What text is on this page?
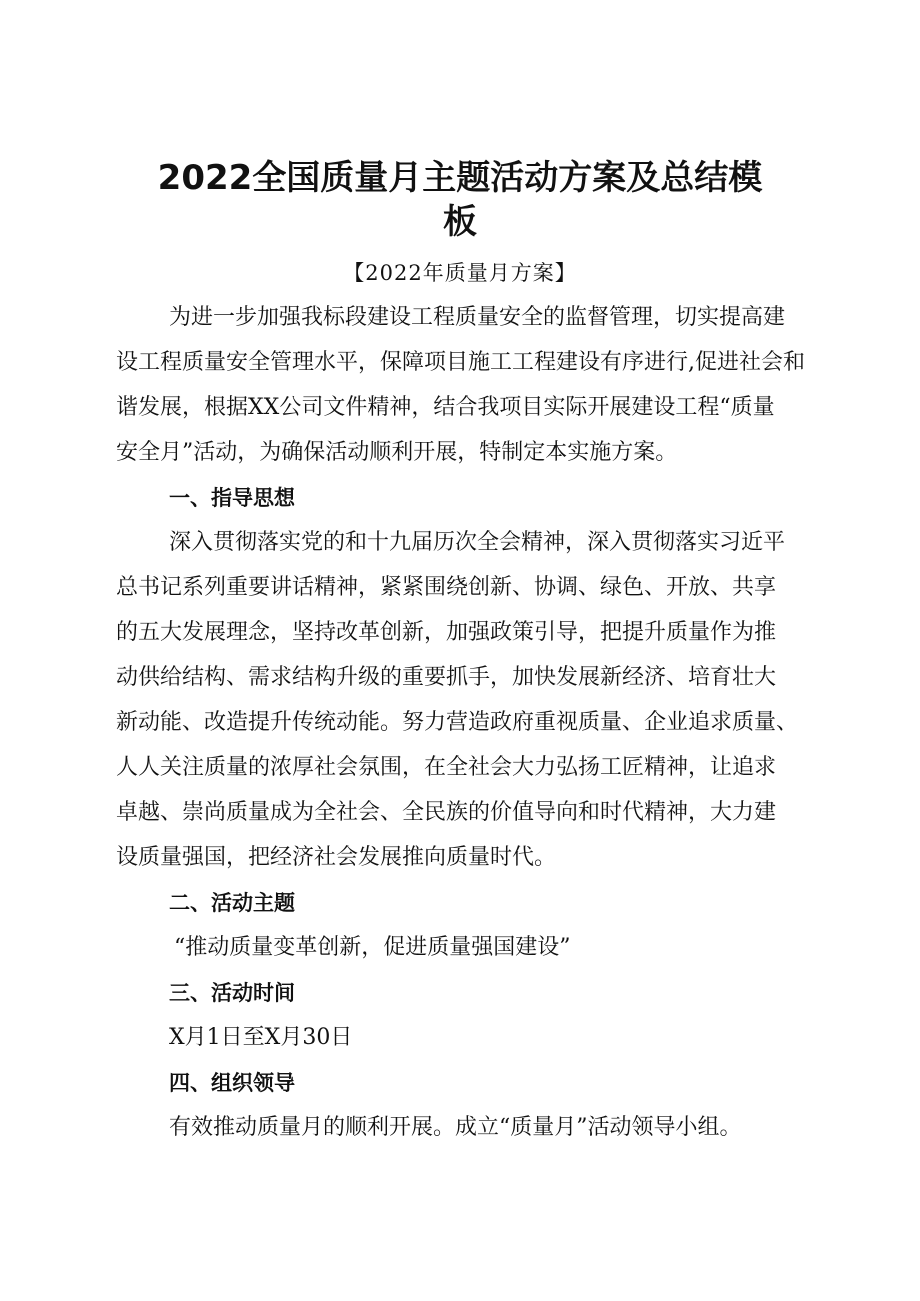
2022全国质量月主题活动方案及总结模
板
【2022年质量月方案】
为进一步加强我标段建设工程质量安全的监督管理，切实提高建
设工程质量安全管理水平，保障项目施工工程建设有序进行,促进社会和
谐发展，根据XX公司文件精神，结合我项目实际开展建设工程“质量
安全月”活动，为确保活动顺利开展，特制定本实施方案。
一、指导思想
深入贯彻落实党的和十九届历次全会精神，深入贯彻落实习近平
总书记系列重要讲话精神，紧紧围绕创新、协调、绿色、开放、共享
的五大发展理念，坚持改革创新，加强政策引导，把提升质量作为推
动供给结构、需求结构升级的重要抓手，加快发展新经济、培育壮大
新动能、改造提升传统动能。努力营造政府重视质量、企业追求质量、
人人关注质量的浓厚社会氛围，在全社会大力弘扬工匠精神，让追求
卓越、崇尚质量成为全社会、全民族的价值导向和时代精神，大力建
设质量强国，把经济社会发展推向质量时代。
二、活动主题
“推动质量变革创新，促进质量强国建设”
三、活动时间
X月1日至X月30日
四、组织领导
有效推动质量月的顺利开展。成立“质量月”活动领导小组。
